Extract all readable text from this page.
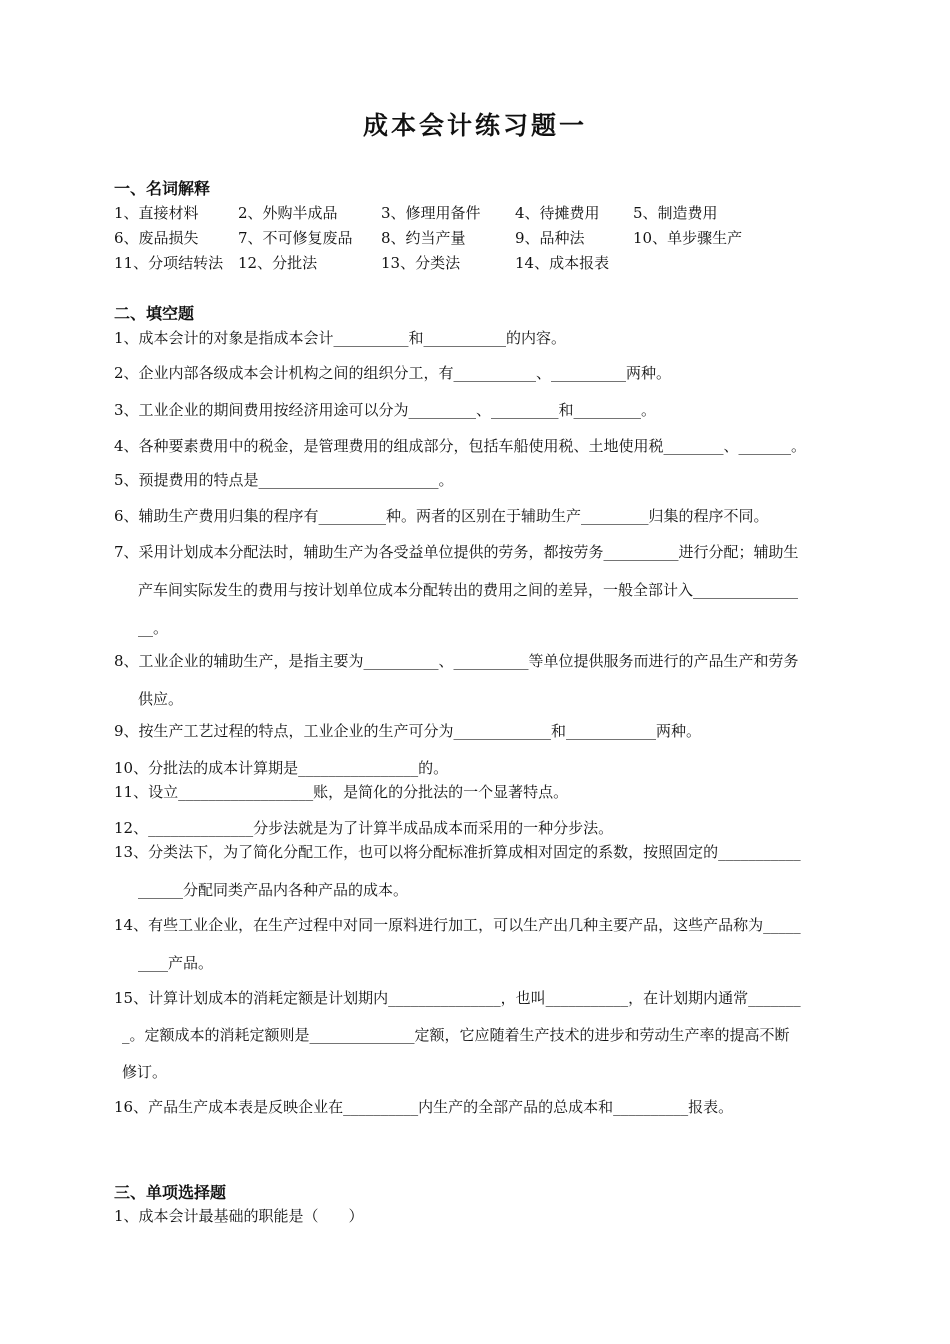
成本会计练习题一
一、名词解释
1、直接材料	2、外购半成品	3、修理用备件 4、待摊费用 5、制造费用
6、废品损失	7、不可修复废品 8、约当产量	9、品种法	10、单步骤生产
11、分项结转法 12、分批法	13、分类法	14、成本报表
二、填空题
1、成本会计的对象是指成本会计__________和___________的内容。
2、企业内部各级成本会计机构之间的组织分工，有___________、__________两种。
3、工业企业的期间费用按经济用途可以分为_________、_________和_________。
4、各种要素费用中的税金，是管理费用的组成部分，包括车船使用税、土地使用税________、_______。
5、预提费用的特点是________________________。
6、辅助生产费用归集的程序有_________种。两者的区别在于辅助生产_________归集的程序不同。
7、采用计划成本分配法时，辅助生产为各受益单位提供的劳务，都按劳务__________进行分配；辅助生
产车间实际发生的费用与按计划单位成本分配转出的费用之间的差异，一般全部计入______________
__。
8、工业企业的辅助生产，是指主要为__________、__________等单位提供服务而进行的产品生产和劳务
供应。
9、按生产工艺过程的特点，工业企业的生产可分为_____________和____________两种。
10、分批法的成本计算期是________________的。
11、设立__________________账，是简化的分批法的一个显著特点。
12、______________分步法就是为了计算半成品成本而采用的一种分步法。
13、分类法下，为了简化分配工作，也可以将分配标准折算成相对固定的系数，按照固定的___________
______分配同类产品内各种产品的成本。
14、有些工业企业，在生产过程中对同一原料进行加工，可以生产出几种主要产品，这些产品称为_____
____产品。
15、计算计划成本的消耗定额是计划期内_______________，也叫___________，在计划期内通常_______
_。定额成本的消耗定额则是______________定额，它应随着生产技术的进步和劳动生产率的提高不断
修订。
16、产品生产成本表是反映企业在__________内生产的全部产品的总成本和__________报表。
三、单项选择题
1、成本会计最基础的职能是（　　）
